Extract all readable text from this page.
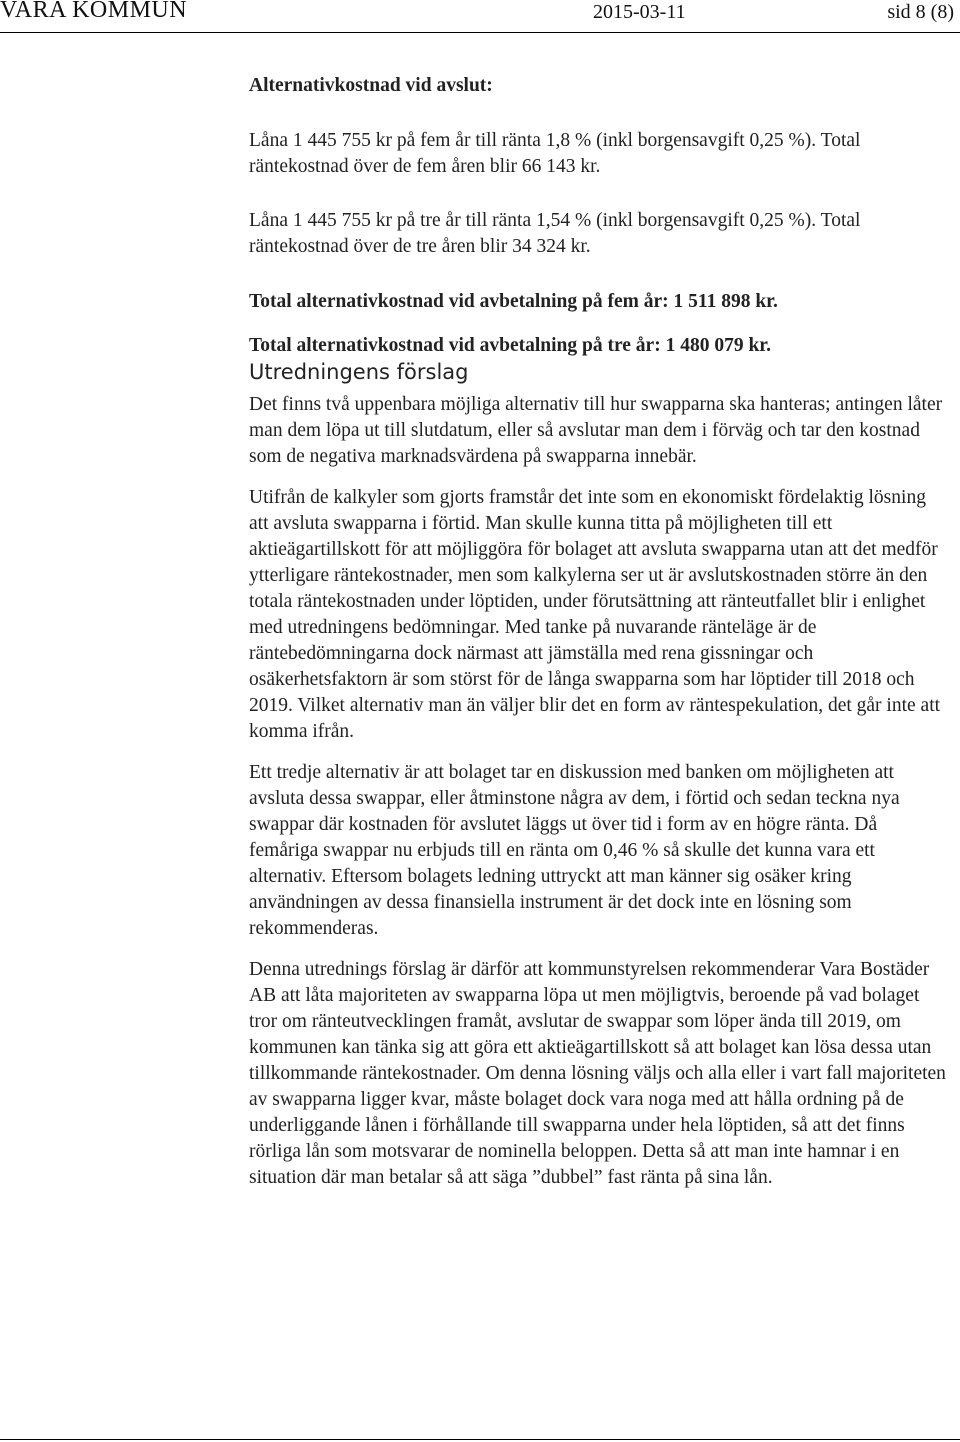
VARA KOMMUN	2015-03-11	sid 8 (8)

Alternativkostnad vid avslut:

Låna 1 445 755 kr på fem år till ränta 1,8 % (inkl borgensavgift 0,25 %). Total räntekostnad över de fem åren blir 66 143 kr.

Låna 1 445 755 kr på tre år till ränta 1,54 % (inkl borgensavgift 0,25 %). Total räntekostnad över de tre åren blir 34 324 kr.

Total alternativkostnad vid avbetalning på fem år: 1 511 898 kr.

Total alternativkostnad vid avbetalning på tre år: 1 480 079 kr.

Utredningens förslag

Det finns två uppenbara möjliga alternativ till hur swapparna ska hanteras; antingen låter man dem löpa ut till slutdatum, eller så avslutar man dem i förväg och tar den kostnad som de negativa marknadsvärdena på swapparna innebär.

Utifrån de kalkyler som gjorts framstår det inte som en ekonomiskt fördelaktig lösning att avsluta swapparna i förtid. Man skulle kunna titta på möjligheten till ett aktieägartillskott för att möjliggöra för bolaget att avsluta swapparna utan att det medför ytterligare räntekostnader, men som kalkylerna ser ut är avslutskostnaden större än den totala räntekostnaden under löptiden, under förutsättning att ränteutfallet blir i enlighet med utredningens bedömningar. Med tanke på nuvarande ränteläge är de räntebedömningarna dock närmast att jämställa med rena gissningar och osäkerhetsfaktorn är som störst för de långa swapparna som har löptider till 2018 och 2019. Vilket alternativ man än väljer blir det en form av räntespekulation, det går inte att komma ifrån.

Ett tredje alternativ är att bolaget tar en diskussion med banken om möjligheten att avsluta dessa swappar, eller åtminstone några av dem, i förtid och sedan teckna nya swappar där kostnaden för avslutet läggs ut över tid i form av en högre ränta. Då femåriga swappar nu erbjuds till en ränta om 0,46 % så skulle det kunna vara ett alternativ. Eftersom bolagets ledning uttryckt att man känner sig osäker kring användningen av dessa finansiella instrument är det dock inte en lösning som rekommenderas.

Denna utrednings förslag är därför att kommunstyrelsen rekommenderar Vara Bostäder AB att låta majoriteten av swapparna löpa ut men möjligtvis, beroende på vad bolaget tror om ränteutvecklingen framåt, avslutar de swappar som löper ända till 2019, om kommunen kan tänka sig att göra ett aktieägartillskott så att bolaget kan lösa dessa utan tillkommande räntekostnader. Om denna lösning väljs och alla eller i vart fall majoriteten av swapparna ligger kvar, måste bolaget dock vara noga med att hålla ordning på de underliggande lånen i förhållande till swapparna under hela löptiden, så att det finns rörliga lån som motsvarar de nominella beloppen. Detta så att man inte hamnar i en situation där man betalar så att säga ”dubbel” fast ränta på sina lån.
